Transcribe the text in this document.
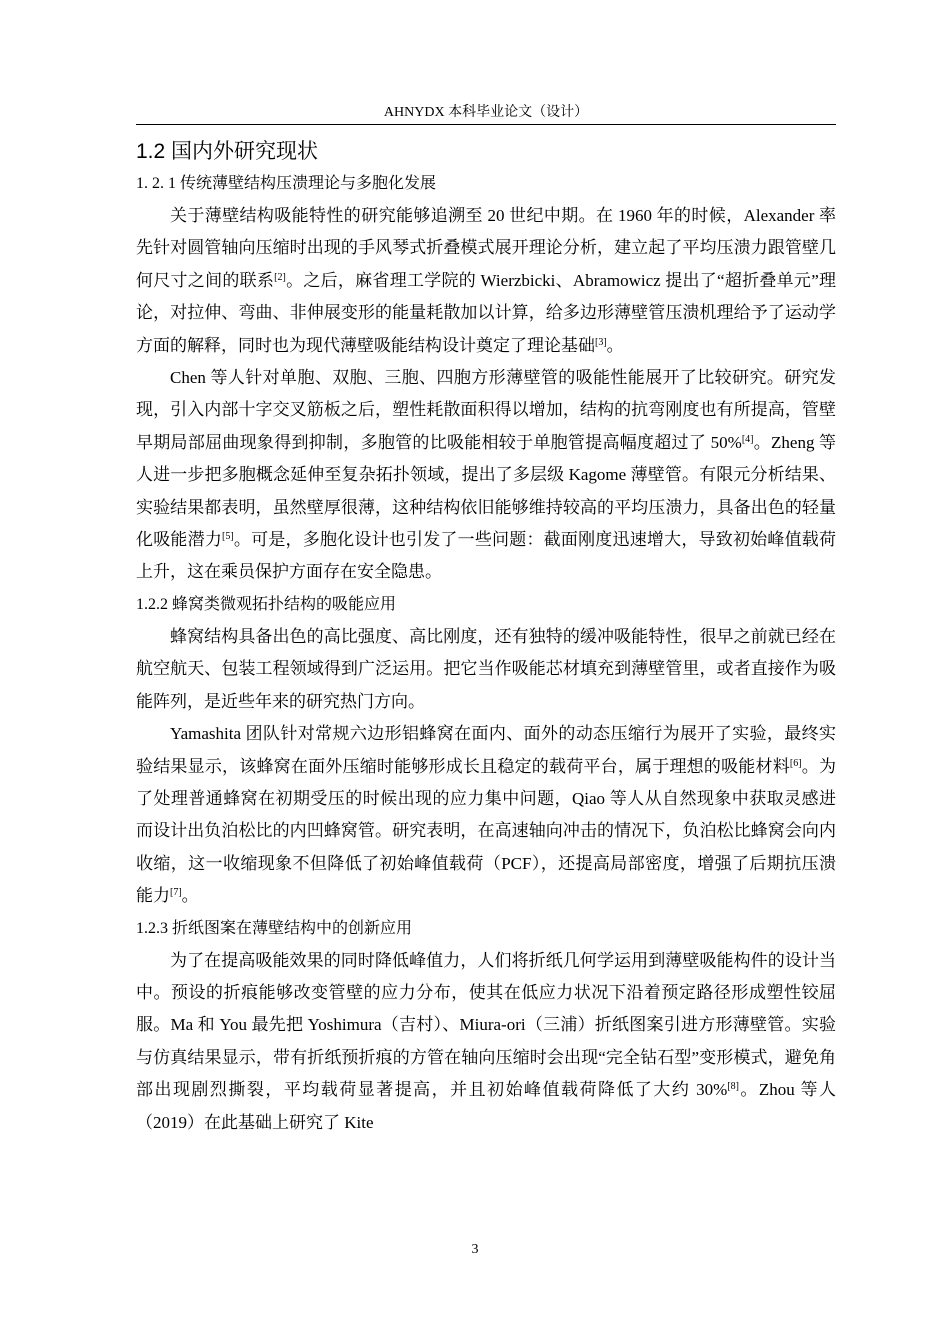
AHNYDX 本科毕业论文（设计）
1.2 国内外研究现状
1. 2. 1 传统薄壁结构压溃理论与多胞化发展

关于薄壁结构吸能特性的研究能够追溯至 20 世纪中期。在 1960 年的时候，Alexander 率先针对圆管轴向压缩时出现的手风琴式折叠模式展开理论分析，建立起了平均压溃力跟管壁几何尺寸之间的联系[2]。之后，麻省理工学院的 Wierzbicki、Abramowicz 提出了“超折叠单元”理论，对拉伸、弯曲、非伸展变形的能量耗散加以计算，给多边形薄壁管压溃机理给予了运动学方面的解释，同时也为现代薄壁吸能结构设计奠定了理论基础[3]。

Chen 等人针对单胞、双胞、三胞、四胞方形薄壁管的吸能性能展开了比较研究。研究发现，引入内部十字交叉筋板之后，塑性耗散面积得以增加，结构的抗弯刚度也有所提高，管壁早期局部屈曲现象得到抑制，多胞管的比吸能相较于单胞管提高幅度超过了 50%[4]。Zheng 等人进一步把多胞概念延伸至复杂拓扑领域，提出了多层级 Kagome 薄壁管。有限元分析结果、实验结果都表明，虽然壁厚很薄，这种结构依旧能够维持较高的平均压溃力，具备出色的轻量化吸能潜力[5]。可是，多胞化设计也引发了一些问题：截面刚度迅速增大，导致初始峰值载荷上升，这在乘员保护方面存在安全隐患。

1.2.2 蜂窝类微观拓扑结构的吸能应用

蜂窝结构具备出色的高比强度、高比刚度，还有独特的缓冲吸能特性，很早之前就已经在航空航天、包装工程领域得到广泛运用。把它当作吸能芯材填充到薄壁管里，或者直接作为吸能阵列，是近些年来的研究热门方向。

Yamashita 团队针对常规六边形铝蜂窝在面内、面外的动态压缩行为展开了实验，最终实验结果显示，该蜂窝在面外压缩时能够形成长且稳定的载荷平台，属于理想的吸能材料[6]。为了处理普通蜂窝在初期受压的时候出现的应力集中问题，Qiao 等人从自然现象中获取灵感进而设计出负泊松比的内凹蜂窝管。研究表明，在高速轴向冲击的情况下，负泊松比蜂窝会向内收缩，这一收缩现象不但降低了初始峰值载荷（PCF），还提高局部密度，增强了后期抗压溃能力[7]。

1.2.3 折纸图案在薄壁结构中的创新应用

为了在提高吸能效果的同时降低峰值力，人们将折纸几何学运用到薄壁吸能构件的设计当中。预设的折痕能够改变管壁的应力分布，使其在低应力状况下沿着预定路径形成塑性铰屈服。Ma 和 You 最先把 Yoshimura（吉村）、Miura-ori（三浦）折纸图案引进方形薄壁管。实验与仿真结果显示，带有折纸预折痕的方管在轴向压缩时会出现“完全钻石型”变形模式，避免角部出现剧烈撕裂，平均载荷显著提高，并且初始峰值载荷降低了大约 30%[8]。Zhou 等人（2019）在此基础上研究了 Kite

3
